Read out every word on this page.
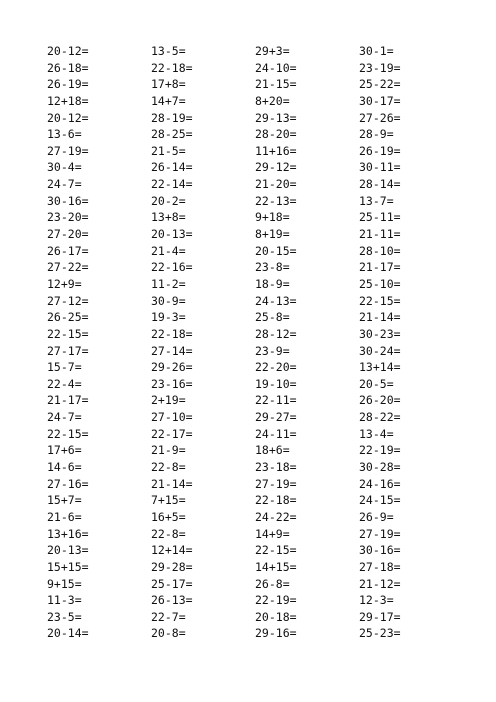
20-12=	13-5=	29+3=	30-1=
26-18=	22-18=	24-10=	23-19=
26-19=	17+8=	21-15=	25-22=
12+18=	14+7=	8+20=	30-17=
20-12=	28-19=	29-13=	27-26=
13-6=	28-25=	28-20=	28-9=
27-19=	21-5=	11+16=	26-19=
30-4=	26-14=	29-12=	30-11=
24-7=	22-14=	21-20=	28-14=
30-16=	20-2=	22-13=	13-7=
23-20=	13+8=	9+18=	25-11=
27-20=	20-13=	8+19=	21-11=
26-17=	21-4=	20-15=	28-10=
27-22=	22-16=	23-8=	21-17=
12+9=	11-2=	18-9=	25-10=
27-12=	30-9=	24-13=	22-15=
26-25=	19-3=	25-8=	21-14=
22-15=	22-18=	28-12=	30-23=
27-17=	27-14=	23-9=	30-24=
15-7=	29-26=	22-20=	13+14=
22-4=	23-16=	19-10=	20-5=
21-17=	2+19=	22-11=	26-20=
24-7=	27-10=	29-27=	28-22=
22-15=	22-17=	24-11=	13-4=
17+6=	21-9=	18+6=	22-19=
14-6=	22-8=	23-18=	30-28=
27-16=	21-14=	27-19=	24-16=
15+7=	7+15=	22-18=	24-15=
21-6=	16+5=	24-22=	26-9=
13+16=	22-8=	14+9=	27-19=
20-13=	12+14=	22-15=	30-16=
15+15=	29-28=	14+15=	27-18=
9+15=	25-17=	26-8=	21-12=
11-3=	26-13=	22-19=	12-3=
23-5=	22-7=	20-18=	29-17=
20-14=	20-8=	29-16=	25-23=
